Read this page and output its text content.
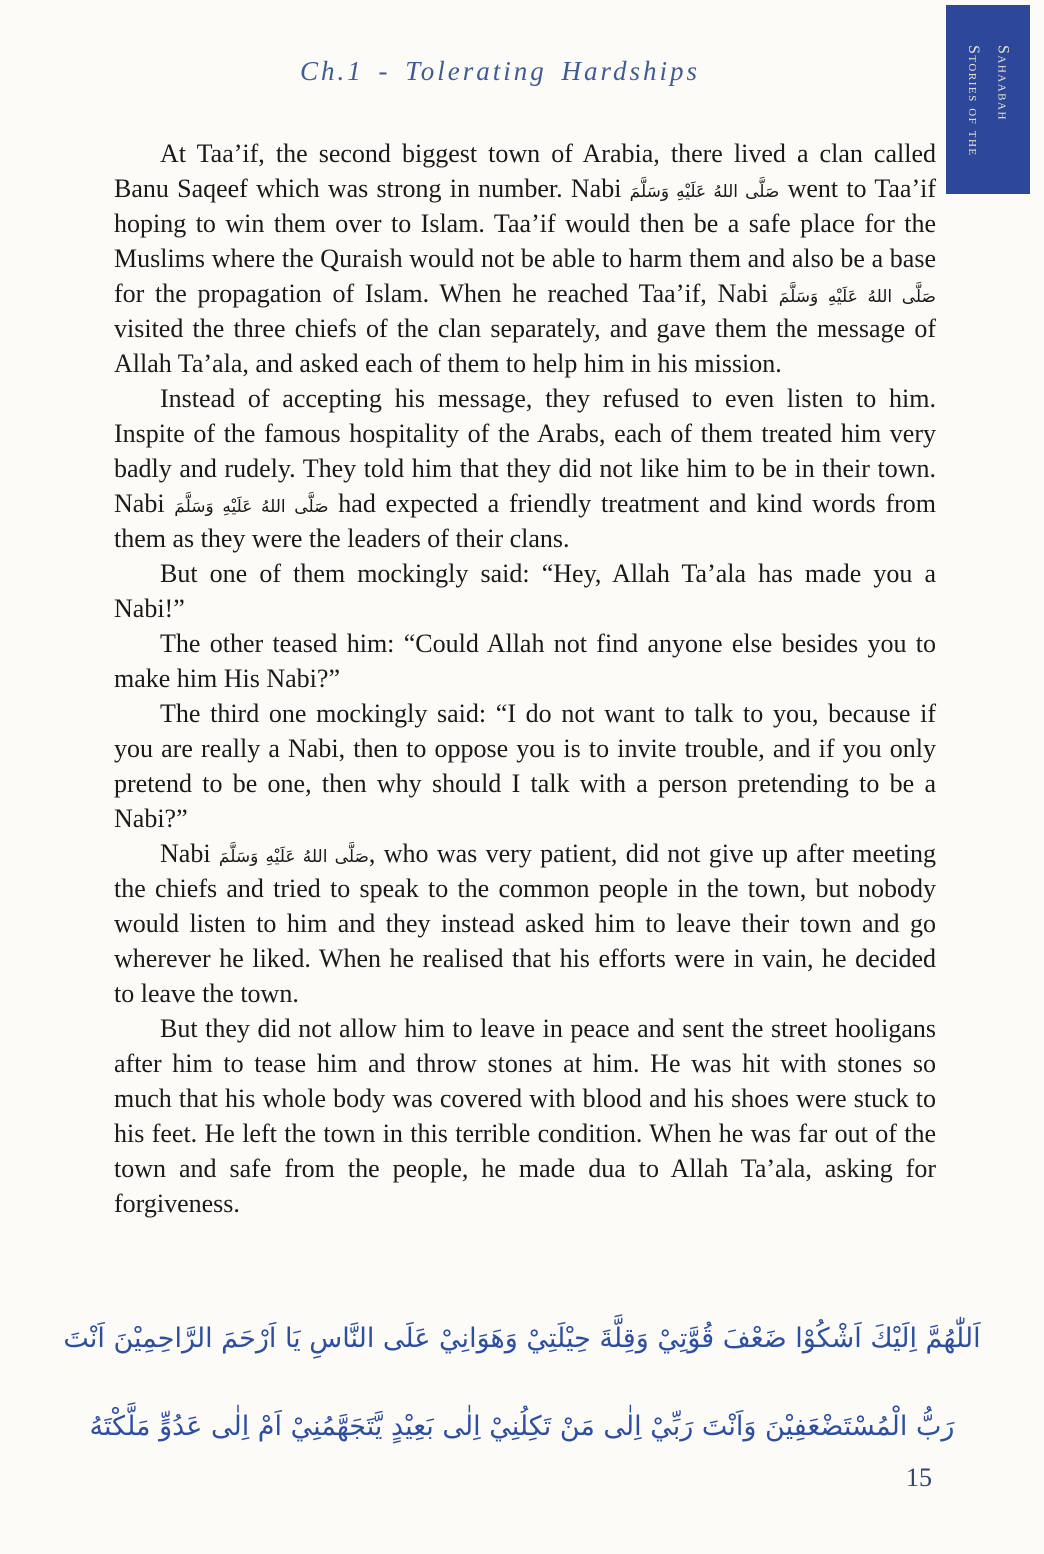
Ch.1 - Tolerating Hardships	Stories of the Sahaabah

At Taa’if, the second biggest town of Arabia, there lived a clan called Banu Saqeef which was strong in number. Nabi صَلَّى اللهُ عَلَيْهِ وَسَلَّمَ went to Taa’if hoping to win them over to Islam. Taa’if would then be a safe place for the Muslims where the Quraish would not be able to harm them and also be a base for the propagation of Islam. When he reached Taa’if, Nabi صَلَّى اللهُ عَلَيْهِ وَسَلَّمَ visited the three chiefs of the clan separately, and gave them the message of Allah Ta’ala, and asked each of them to help him in his mission.

Instead of accepting his message, they refused to even listen to him. Inspite of the famous hospitality of the Arabs, each of them treated him very badly and rudely. They told him that they did not like him to be in their town. Nabi صَلَّى اللهُ عَلَيْهِ وَسَلَّمَ had expected a friendly treatment and kind words from them as they were the leaders of their clans.

But one of them mockingly said: “Hey, Allah Ta’ala has made you a Nabi!”

The other teased him: “Could Allah not find anyone else besides you to make him His Nabi?”

The third one mockingly said: “I do not want to talk to you, because if you are really a Nabi, then to oppose you is to invite trouble, and if you only pretend to be one, then why should I talk with a person pretending to be a Nabi?”

Nabi صَلَّى اللهُ عَلَيْهِ وَسَلَّمَ, who was very patient, did not give up after meeting the chiefs and tried to speak to the common people in the town, but nobody would listen to him and they instead asked him to leave their town and go wherever he liked. When he realised that his efforts were in vain, he decided to leave the town.

But they did not allow him to leave in peace and sent the street hooligans after him to tease him and throw stones at him. He was hit with stones so much that his whole body was covered with blood and his shoes were stuck to his feet. He left the town in this terrible condition. When he was far out of the town and safe from the people, he made dua to Allah Ta’ala, asking for forgiveness.

اَللّٰهُمَّ اِلَيْكَ اَشْكُوْا ضَعْفَ قُوَّتِيْ وَقِلَّةَ حِيْلَتِيْ وَهَوَانِيْ عَلَى النَّاسِ يَا اَرْحَمَ الرَّاحِمِيْنَ اَنْتَ
رَبُّ الْمُسْتَضْعَفِيْنَ وَاَنْتَ رَبِّيْ اِلٰى مَنْ تَكِلُنِيْ اِلٰى بَعِيْدٍ يَّتَجَهَّمُنِيْ اَمْ اِلٰى عَدُوٍّ مَلَّكْتَهُ
15
